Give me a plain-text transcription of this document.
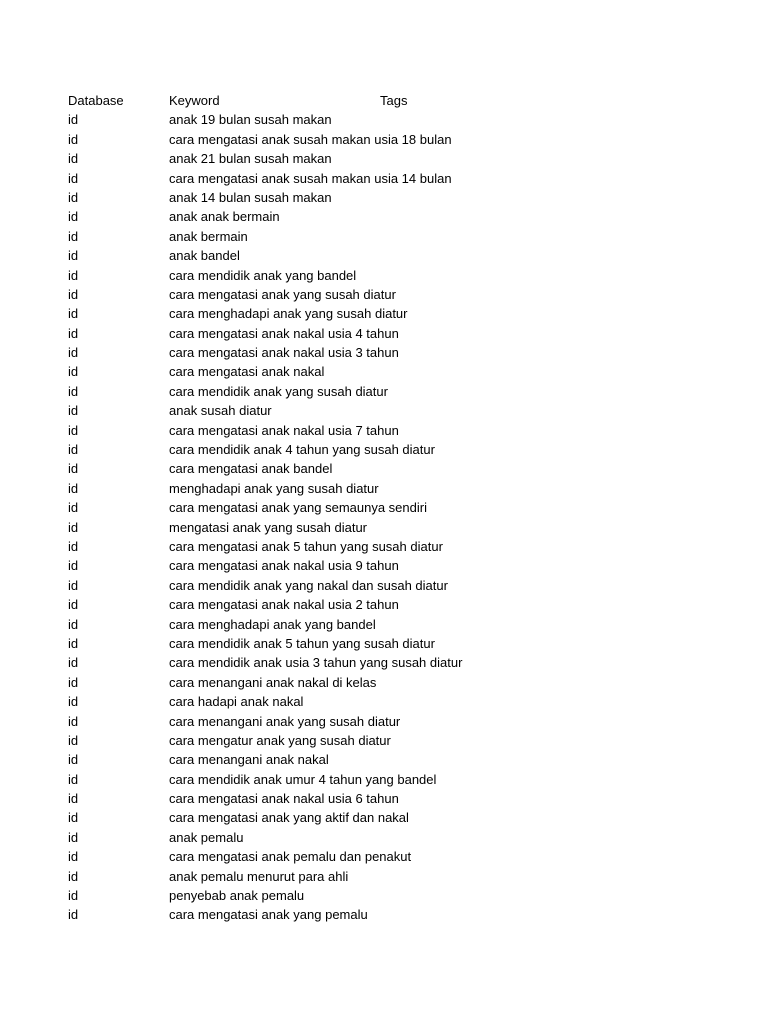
Database	Keyword	Tags
id	anak 19 bulan susah makan
id	cara mengatasi anak susah makan usia 18 bulan
id	anak 21 bulan susah makan
id	cara mengatasi anak susah makan usia 14 bulan
id	anak 14 bulan susah makan
id	anak anak bermain
id	anak bermain
id	anak bandel
id	cara mendidik anak yang bandel
id	cara mengatasi anak yang susah diatur
id	cara menghadapi anak yang susah diatur
id	cara mengatasi anak nakal usia 4 tahun
id	cara mengatasi anak nakal usia 3 tahun
id	cara mengatasi anak nakal
id	cara mendidik anak yang susah diatur
id	anak susah diatur
id	cara mengatasi anak nakal usia 7 tahun
id	cara mendidik anak 4 tahun yang susah diatur
id	cara mengatasi anak bandel
id	menghadapi anak yang susah diatur
id	cara mengatasi anak yang semaunya sendiri
id	mengatasi anak yang susah diatur
id	cara mengatasi anak 5 tahun yang susah diatur
id	cara mengatasi anak nakal usia 9 tahun
id	cara mendidik anak yang nakal dan susah diatur
id	cara mengatasi anak nakal usia 2 tahun
id	cara menghadapi anak yang bandel
id	cara mendidik anak 5 tahun yang susah diatur
id	cara mendidik anak usia 3 tahun yang susah diatur
id	cara menangani anak nakal di kelas
id	cara hadapi anak nakal
id	cara menangani anak yang susah diatur
id	cara mengatur anak yang susah diatur
id	cara menangani anak nakal
id	cara mendidik anak umur 4 tahun yang bandel
id	cara mengatasi anak nakal usia 6 tahun
id	cara mengatasi anak yang aktif dan nakal
id	anak pemalu
id	cara mengatasi anak pemalu dan penakut
id	anak pemalu menurut para ahli
id	penyebab anak pemalu
id	cara mengatasi anak yang pemalu
